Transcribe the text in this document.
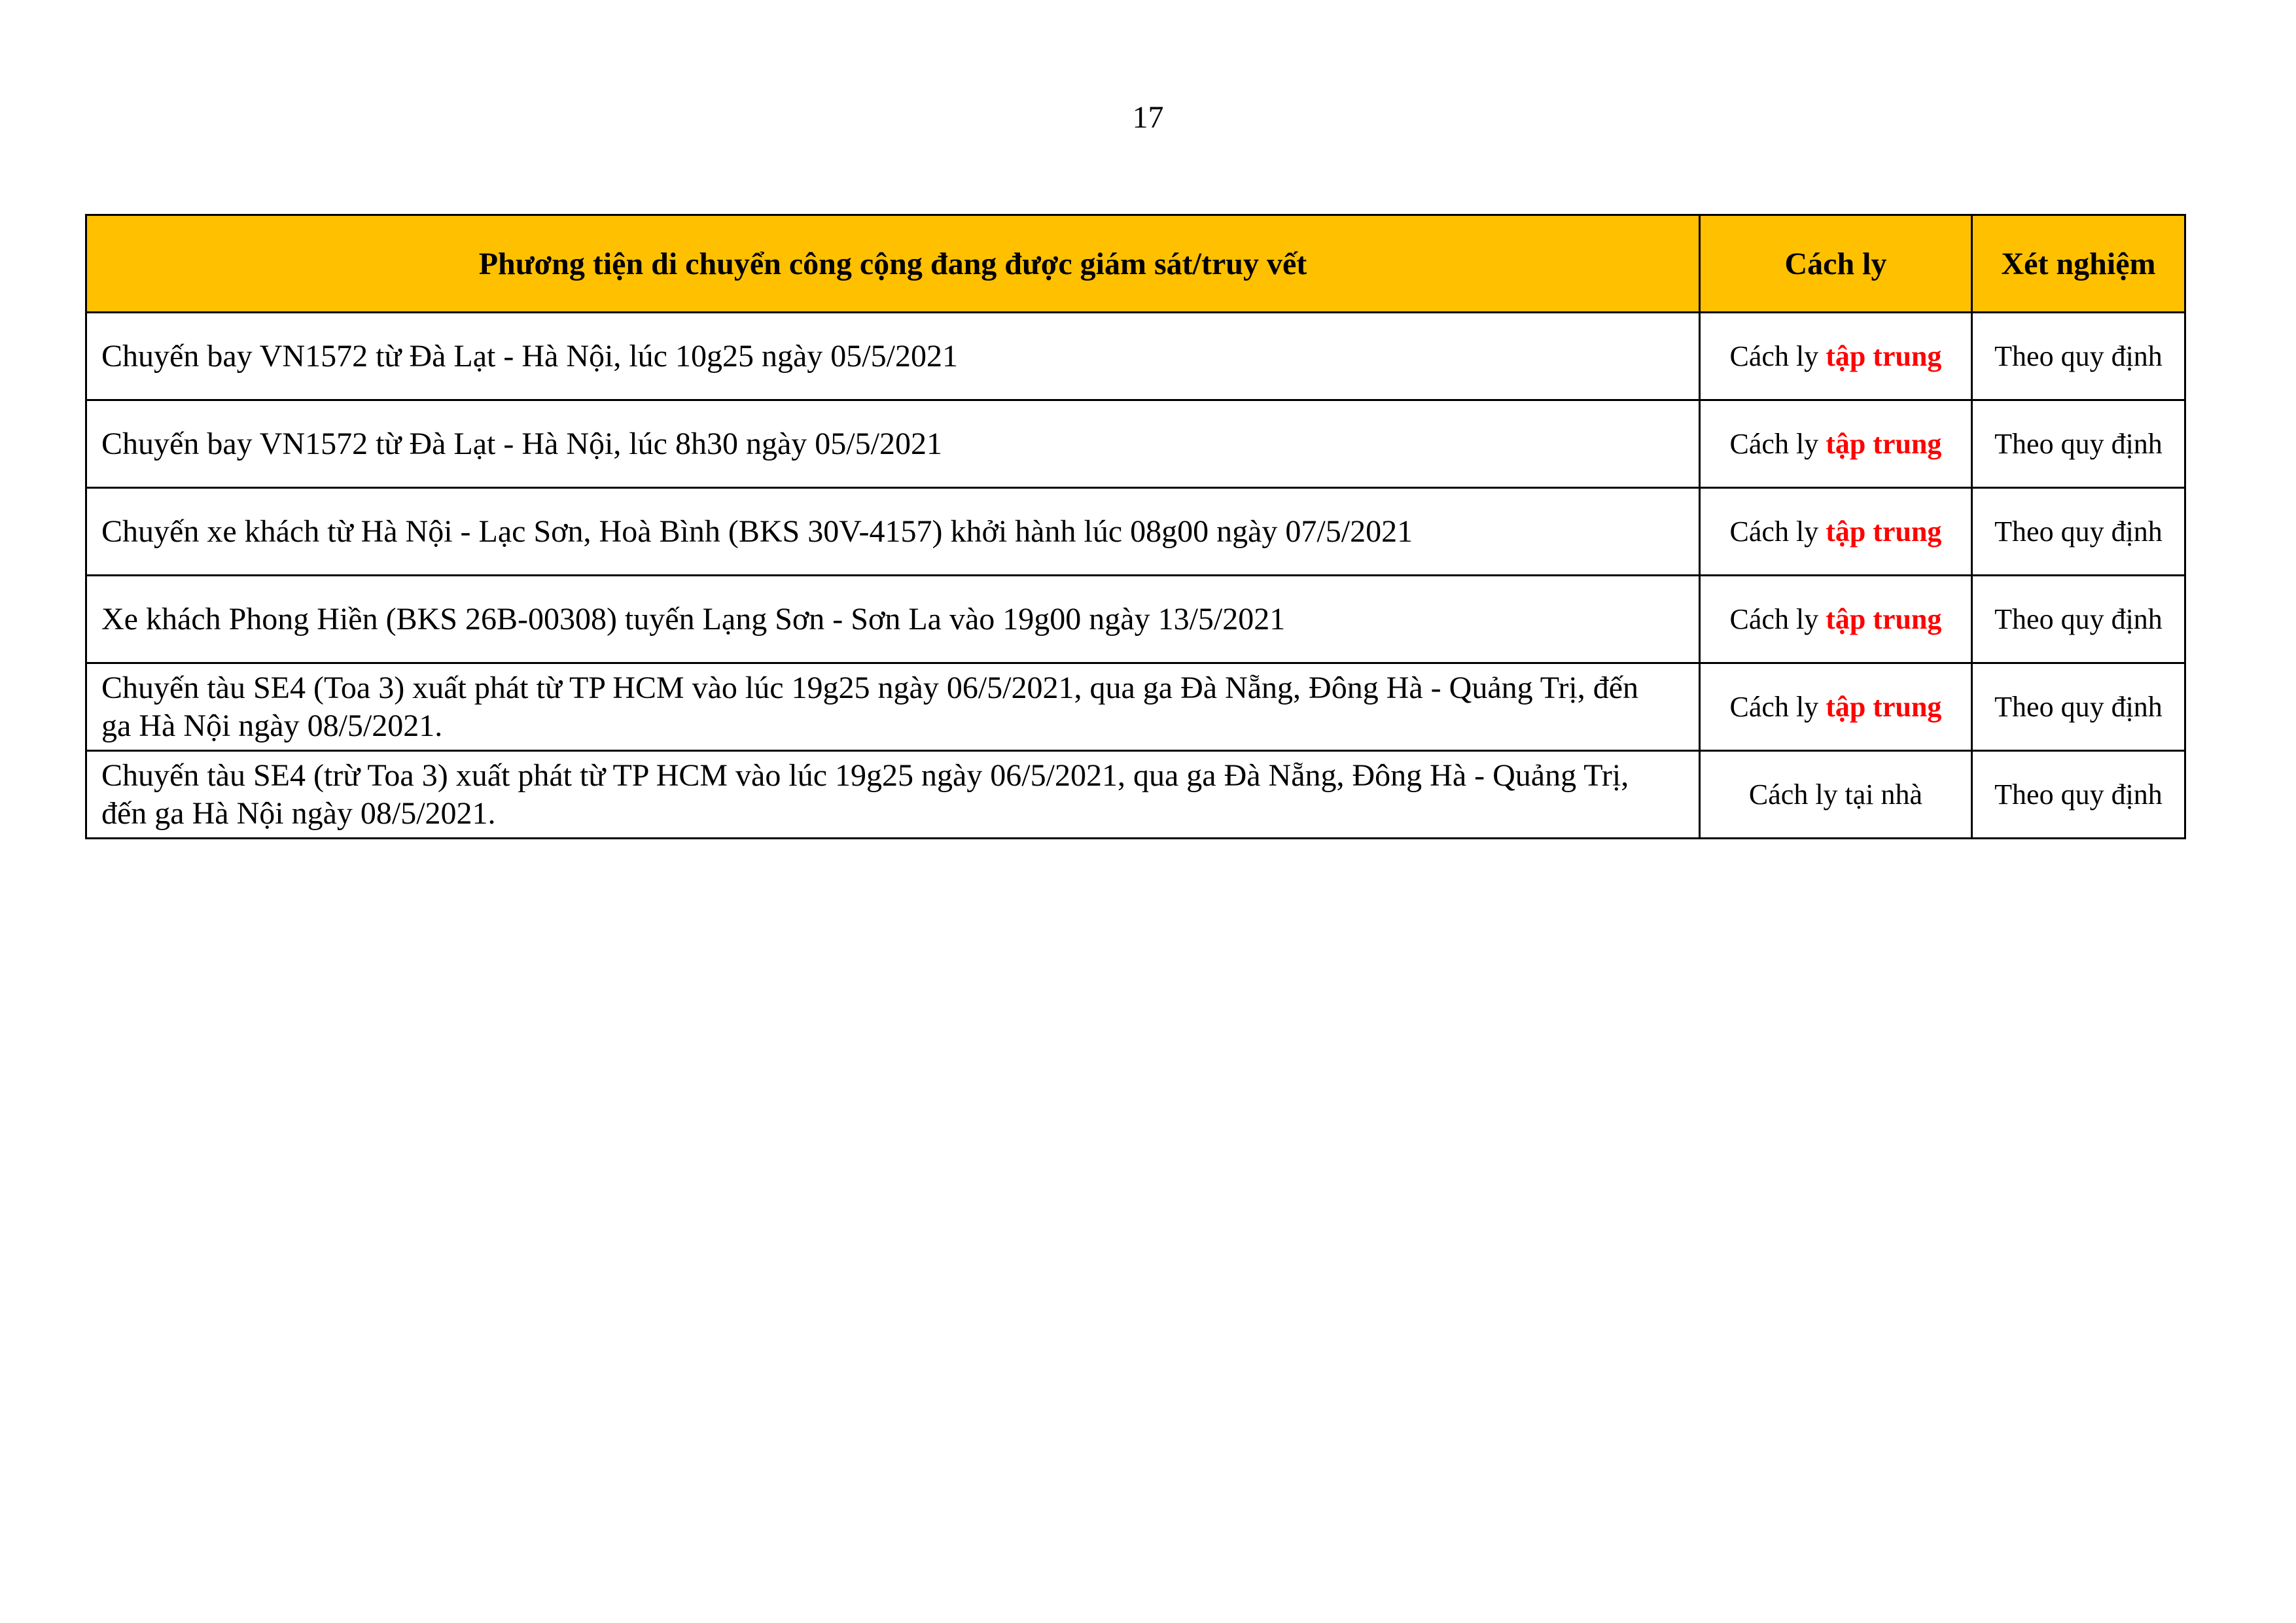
17
Phương tiện di chuyển công cộng đang được giám sát/truy vết	Cách ly	Xét nghiệm
Chuyến bay VN1572 từ Đà Lạt - Hà Nội, lúc 10g25 ngày 05/5/2021	Cách ly tập trung	Theo quy định
Chuyến bay VN1572 từ Đà Lạt - Hà Nội, lúc 8h30 ngày 05/5/2021	Cách ly tập trung	Theo quy định
Chuyến xe khách từ Hà Nội - Lạc Sơn, Hoà Bình (BKS 30V-4157) khởi hành lúc 08g00 ngày 07/5/2021	Cách ly tập trung	Theo quy định
Xe khách Phong Hiền (BKS 26B-00308) tuyến Lạng Sơn - Sơn La vào 19g00 ngày 13/5/2021	Cách ly tập trung	Theo quy định
Chuyến tàu SE4 (Toa 3) xuất phát từ TP HCM vào lúc 19g25 ngày 06/5/2021, qua ga Đà Nẵng, Đông Hà - Quảng Trị, đến ga Hà Nội ngày 08/5/2021.	Cách ly tập trung	Theo quy định
Chuyến tàu SE4 (trừ Toa 3) xuất phát từ TP HCM vào lúc 19g25 ngày 06/5/2021, qua ga Đà Nẵng, Đông Hà - Quảng Trị, đến ga Hà Nội ngày 08/5/2021.	Cách ly tại nhà	Theo quy định
